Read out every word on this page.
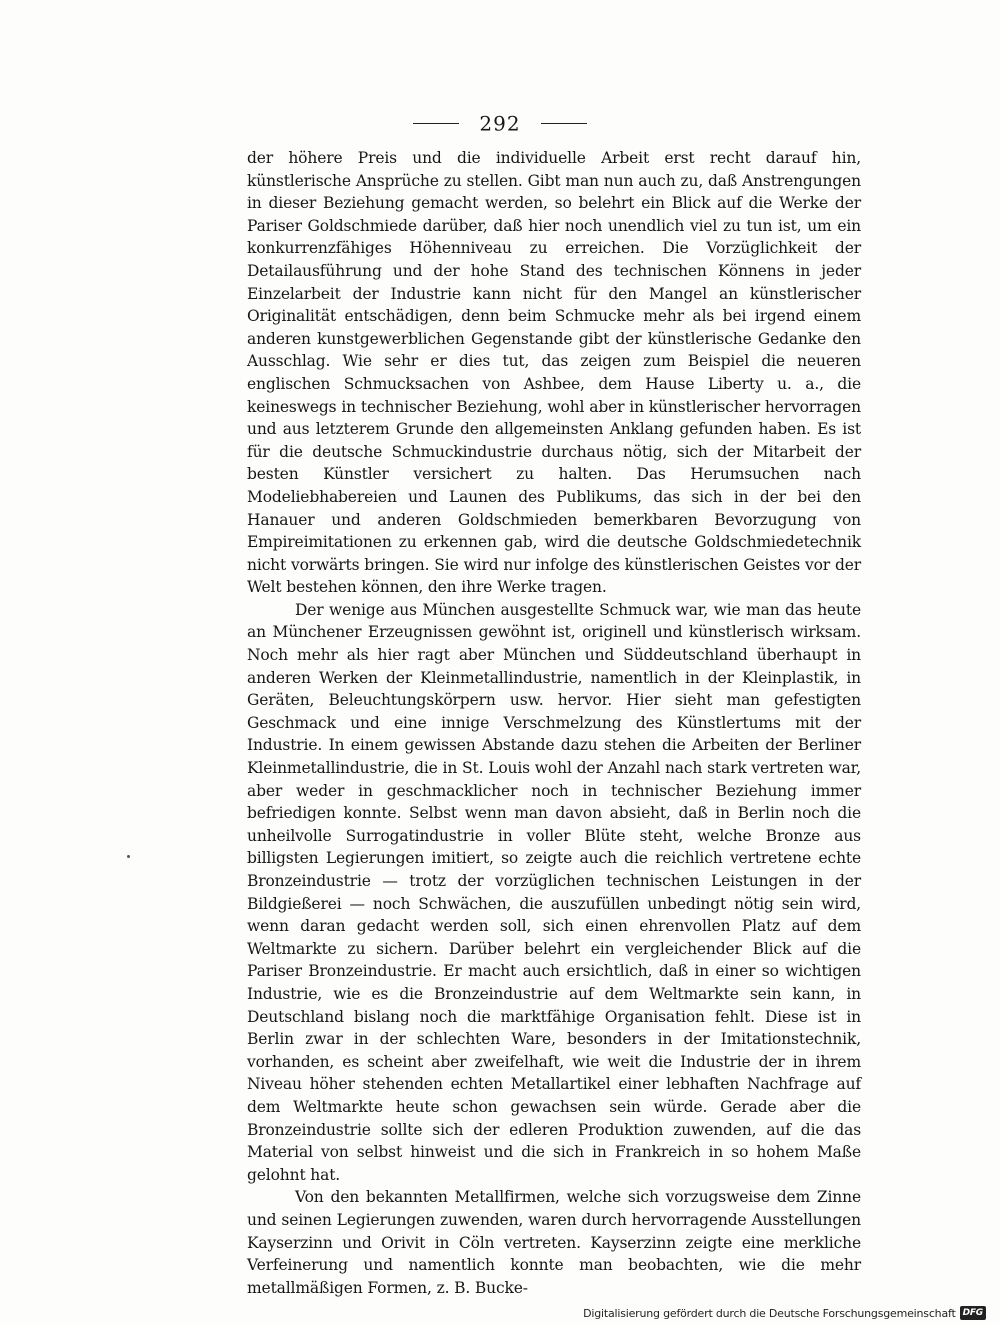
292

der höhere Preis und die individuelle Arbeit erst recht darauf hin, künstlerische Ansprüche zu stellen. Gibt man nun auch zu, daß Anstrengungen in dieser Beziehung gemacht werden, so belehrt ein Blick auf die Werke der Pariser Goldschmiede darüber, daß hier noch unendlich viel zu tun ist, um ein konkurrenzfähiges Höhenniveau zu erreichen. Die Vorzüglichkeit der Detailausführung und der hohe Stand des technischen Könnens in jeder Einzelarbeit der Industrie kann nicht für den Mangel an künstlerischer Originalität entschädigen, denn beim Schmucke mehr als bei irgend einem anderen kunstgewerblichen Gegenstande gibt der künstlerische Gedanke den Ausschlag. Wie sehr er dies tut, das zeigen zum Beispiel die neueren englischen Schmucksachen von Ashbee, dem Hause Liberty u. a., die keineswegs in technischer Beziehung, wohl aber in künstlerischer hervorragen und aus letzterem Grunde den allgemeinsten Anklang gefunden haben. Es ist für die deutsche Schmuckindustrie durchaus nötig, sich der Mitarbeit der besten Künstler versichert zu halten. Das Herumsuchen nach Modeliebhabereien und Launen des Publikums, das sich in der bei den Hanauer und anderen Goldschmieden bemerkbaren Bevorzugung von Empireimitationen zu erkennen gab, wird die deutsche Goldschmiedetechnik nicht vorwärts bringen. Sie wird nur infolge des künstlerischen Geistes vor der Welt bestehen können, den ihre Werke tragen.

Der wenige aus München ausgestellte Schmuck war, wie man das heute an Münchener Erzeugnissen gewöhnt ist, originell und künstlerisch wirksam. Noch mehr als hier ragt aber München und Süddeutschland überhaupt in anderen Werken der Kleinmetallindustrie, namentlich in der Kleinplastik, in Geräten, Beleuchtungskörpern usw. hervor. Hier sieht man gefestigten Geschmack und eine innige Verschmelzung des Künstlertums mit der Industrie. In einem gewissen Abstande dazu stehen die Arbeiten der Berliner Kleinmetallindustrie, die in St. Louis wohl der Anzahl nach stark vertreten war, aber weder in geschmacklicher noch in technischer Beziehung immer befriedigen konnte. Selbst wenn man davon absieht, daß in Berlin noch die unheilvolle Surrogatindustrie in voller Blüte steht, welche Bronze aus billigsten Legierungen imitiert, so zeigte auch die reichlich vertretene echte Bronzeindustrie — trotz der vorzüglichen technischen Leistungen in der Bildgießerei — noch Schwächen, die auszufüllen unbedingt nötig sein wird, wenn daran gedacht werden soll, sich einen ehrenvollen Platz auf dem Weltmarkte zu sichern. Darüber belehrt ein vergleichender Blick auf die Pariser Bronzeindustrie. Er macht auch ersichtlich, daß in einer so wichtigen Industrie, wie es die Bronzeindustrie auf dem Weltmarkte sein kann, in Deutschland bislang noch die marktfähige Organisation fehlt. Diese ist in Berlin zwar in der schlechten Ware, besonders in der Imitationstechnik, vorhanden, es scheint aber zweifelhaft, wie weit die Industrie der in ihrem Niveau höher stehenden echten Metallartikel einer lebhaften Nachfrage auf dem Weltmarkte heute schon gewachsen sein würde. Gerade aber die Bronzeindustrie sollte sich der edleren Produktion zuwenden, auf die das Material von selbst hinweist und die sich in Frankreich in so hohem Maße gelohnt hat.

Von den bekannten Metallfirmen, welche sich vorzugsweise dem Zinne und seinen Legierungen zuwenden, waren durch hervorragende Ausstellungen Kayserzinn und Orivit in Cöln vertreten. Kayserzinn zeigte eine merkliche Verfeinerung und namentlich konnte man beobachten, wie die mehr metallmäßigen Formen, z. B. Bucke-

Digitalisierung gefördert durch die Deutsche Forschungsgemeinschaft DFG
